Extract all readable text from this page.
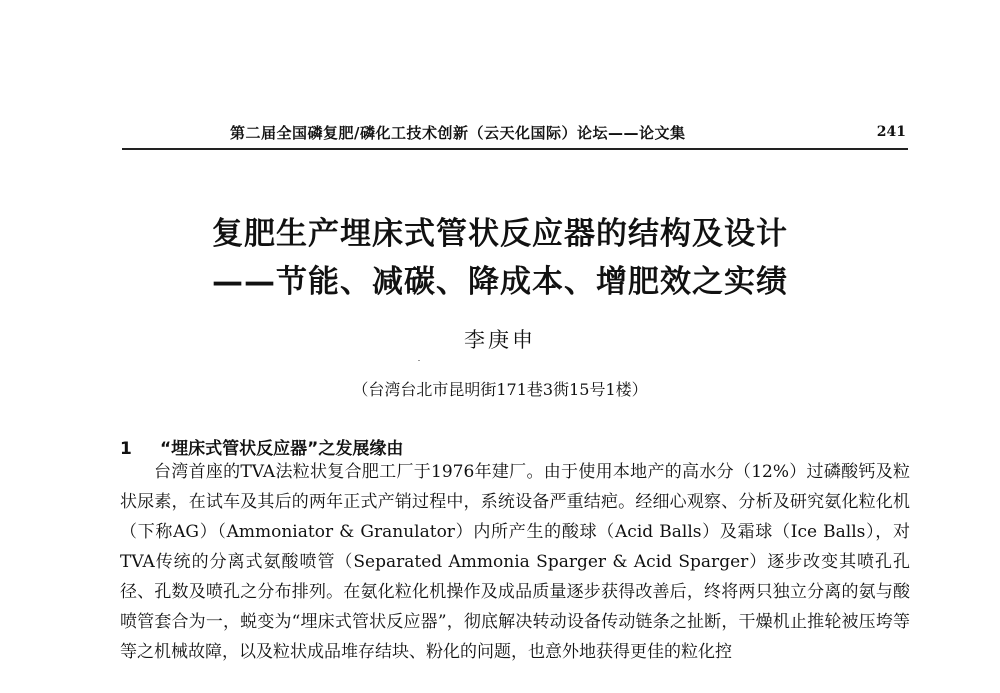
第二届全国磷复肥/磷化工技术创新（云天化国际）论坛——论文集	241
复肥生产埋床式管状反应器的结构及设计
——节能、减碳、降成本、增肥效之实绩
李庚申
（台湾台北市昆明街171巷3衖15号1楼）
1 “埋床式管状反应器”之发展缘由
台湾首座的TVA法粒状复合肥工厂于1976年建厂。由于使用本地产的高水分（12%）过磷酸钙及粒状尿素，在试车及其后的两年正式产销过程中，系统设备严重结疤。经细心观察、分析及研究氨化粒化机（下称AG）（Ammoniator & Granulator）内所产生的酸球（Acid Balls）及霜球（Ice Balls），对TVA传统的分离式氨酸喷管（Separated Ammonia Sparger & Acid Sparger）逐步改变其喷孔孔径、孔数及喷孔之分布排列。在氨化粒化机操作及成品质量逐步获得改善后，终将两只独立分离的氨与酸喷管套合为一，蜕变为“埋床式管状反应器”，彻底解决转动设备传动链条之扯断，干燥机止推轮被压垮等等之机械故障，以及粒状成品堆存结块、粉化的问题，也意外地获得更佳的粒化控
